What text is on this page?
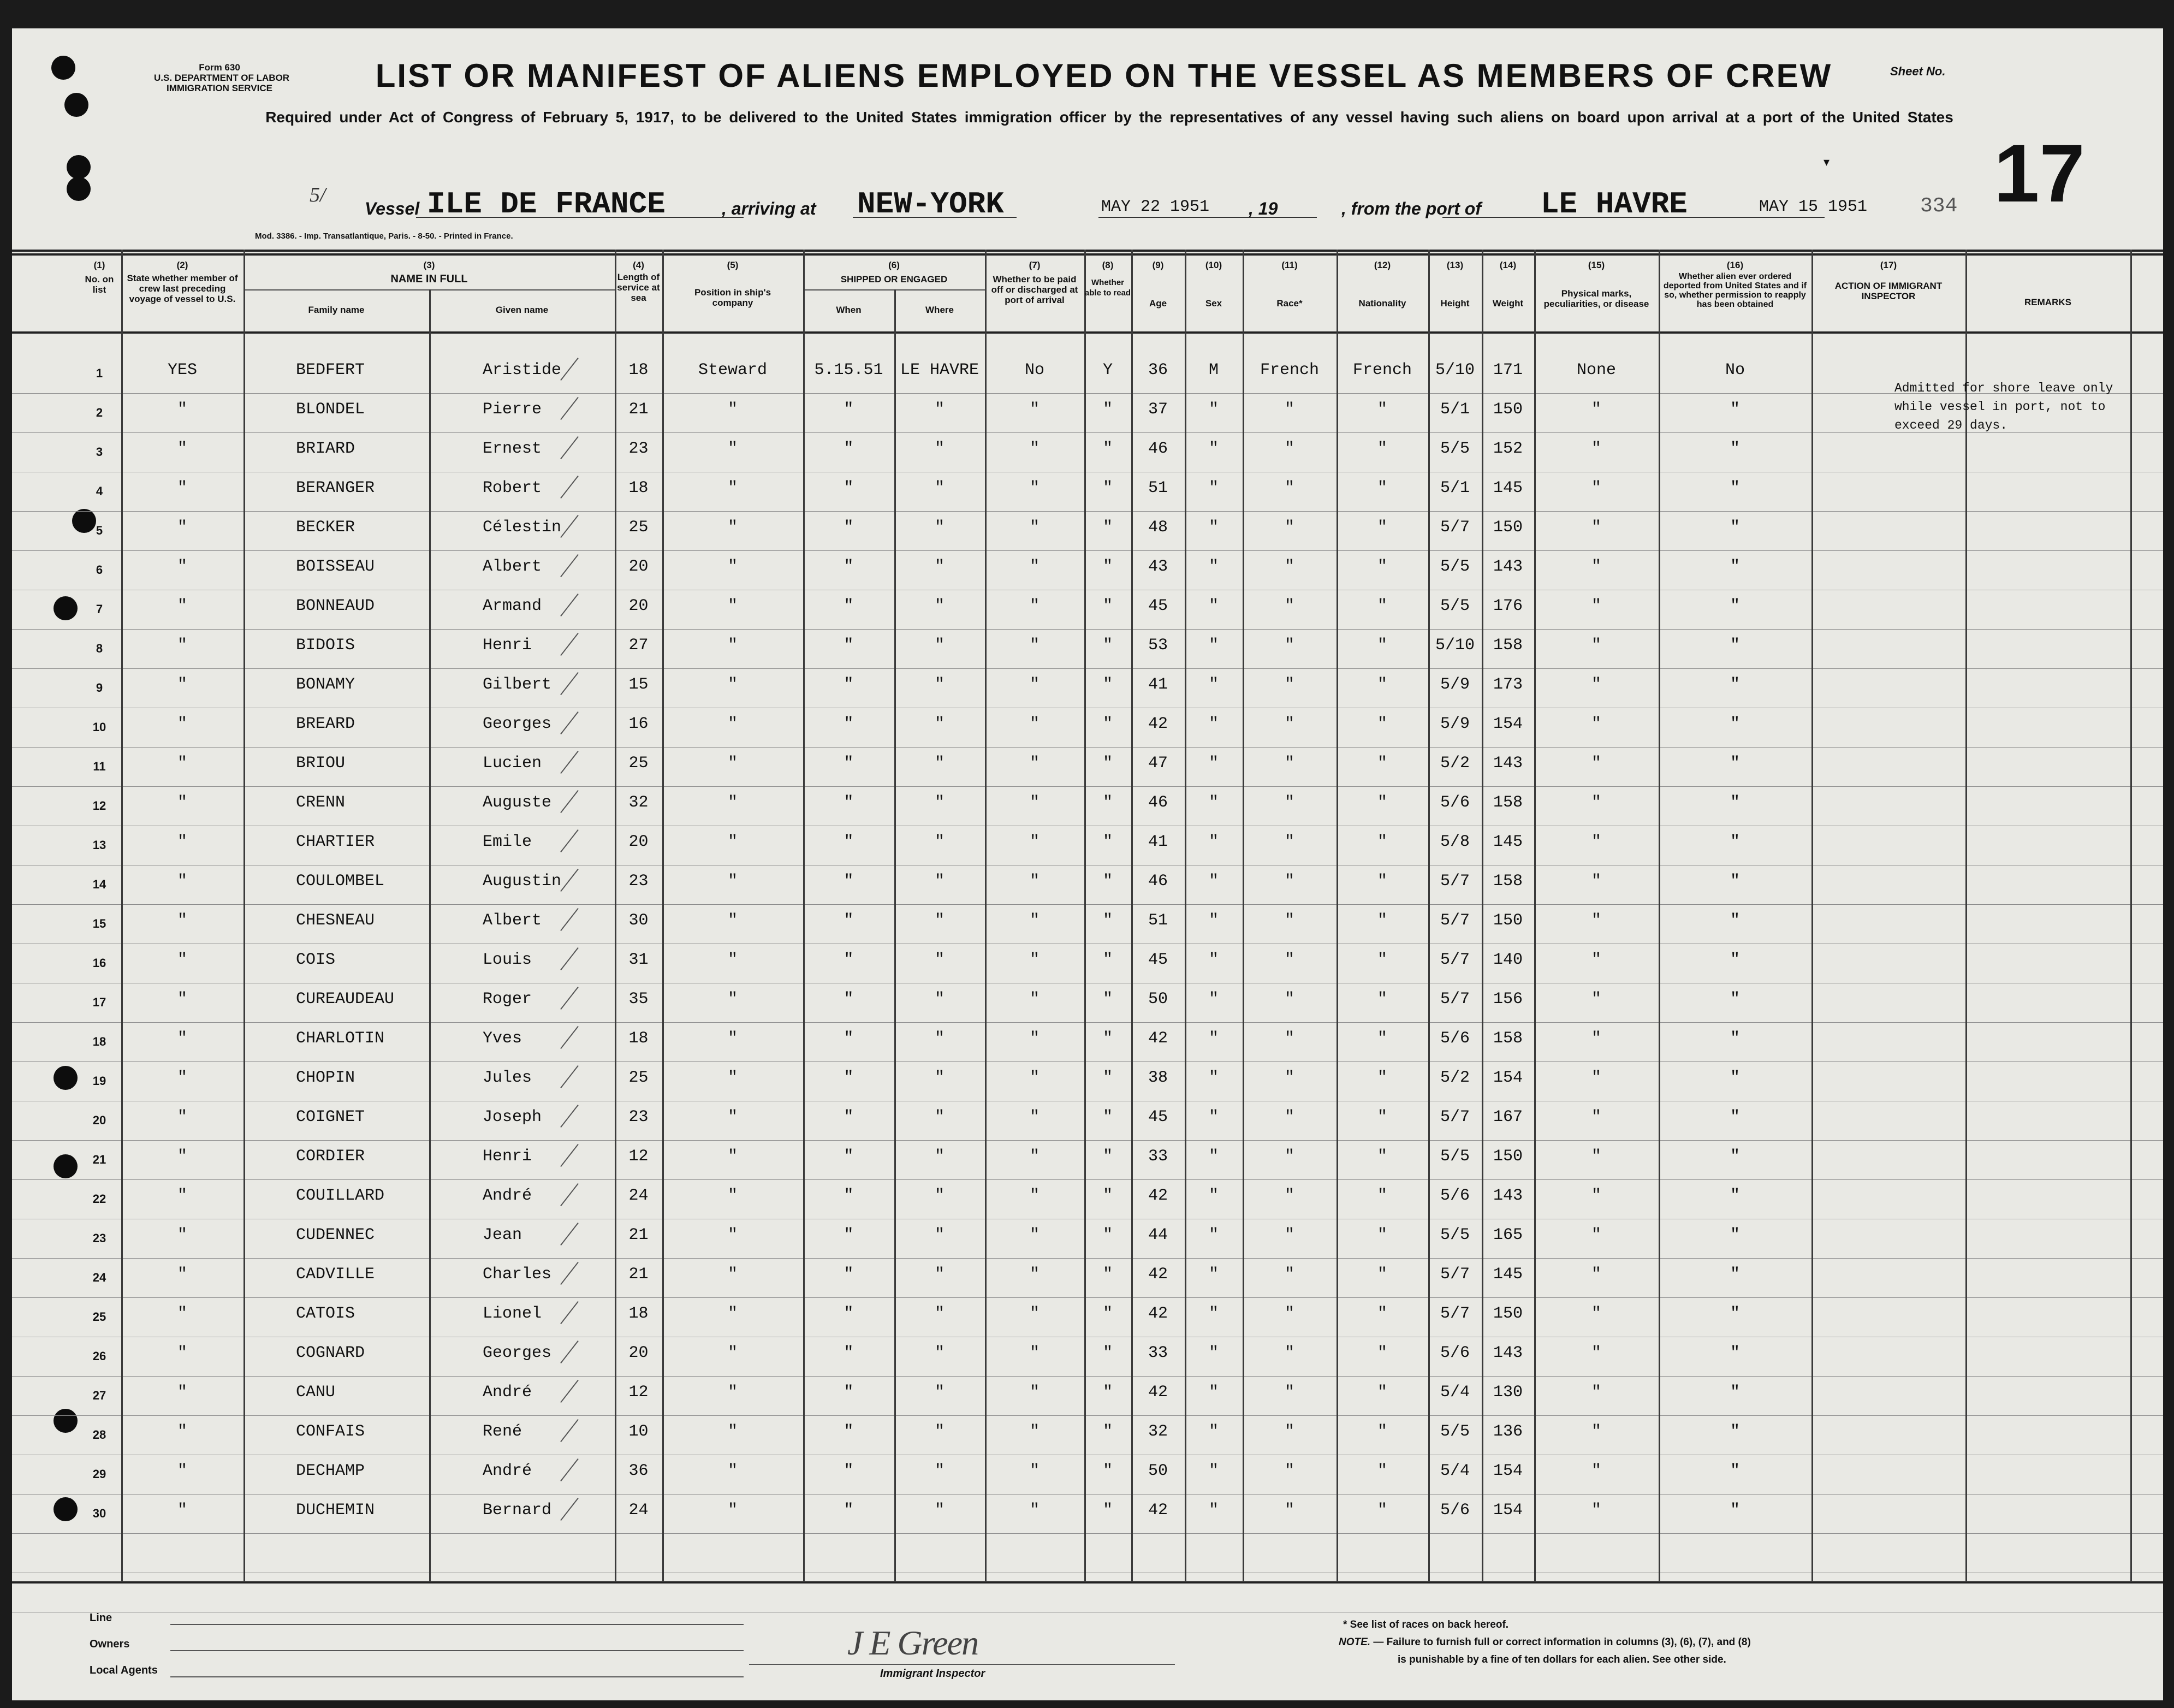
Form 630
U.S. DEPARTMENT OF LABOR
IMMIGRATION SERVICE	LIST OR MANIFEST OF ALIENS EMPLOYED ON THE VESSEL AS MEMBERS OF CREW	Sheet No.
Required under Act of Congress of February 5, 1917, to be delivered to the United States immigration officer by the representatives of any vessel having such aliens on board upon arrival at a port of the United States
▾ 17
5/
Vessel ILE DE FRANCE	, arriving at NEW-YORK	MAY 22 1951 , 19	, from the port of LE HAVRE	MAY 15 1951	334
Mod. 3386. - Imp. Transatlantique, Paris. - 8-50. - Printed in France.
(1)
No. on list
(2)
State whether member of crew last preceding voyage of vessel to U.S.
(3)
NAME IN FULL
Family name	Given name
(4)
Length of service at sea
(5)
Position in ship's company
(6)
SHIPPED OR ENGAGED
When	Where
(7)
Whether to be paid off or discharged at port of arrival
(8)
Whether able to read
(9)
Age
(10)
Sex
(11)
Race*
(12)
Nationality
(13)
Height
(14)
Weight
(15)
Physical marks, peculiarities, or disease
(16)
Whether alien ever ordered deported from United States and if so, whether permission to reapply has been obtained
(17)
ACTION OF IMMIGRANT INSPECTOR
REMARKS
1	YES	BEDFERT	Aristide	18	Steward	5.15.51	LE HAVRE	No	Y	36	M	French	French	5/10	171	None	No
2	"	BLONDEL	Pierre	21	"	"	"	"	"	37	"	"	"	5/1	150	"	"
3	"	BRIARD	Ernest	23	"	"	"	"	"	46	"	"	"	5/5	152	"	"
4	"	BERANGER	Robert	18	"	"	"	"	"	51	"	"	"	5/1	145	"	"
5	"	BECKER	Célestin	25	"	"	"	"	"	48	"	"	"	5/7	150	"	"
6	"	BOISSEAU	Albert	20	"	"	"	"	"	43	"	"	"	5/5	143	"	"
7	"	BONNEAUD	Armand	20	"	"	"	"	"	45	"	"	"	5/5	176	"	"
8	"	BIDOIS	Henri	27	"	"	"	"	"	53	"	"	"	5/10	158	"	"
9	"	BONAMY	Gilbert	15	"	"	"	"	"	41	"	"	"	5/9	173	"	"
10	"	BREARD	Georges	16	"	"	"	"	"	42	"	"	"	5/9	154	"	"
11	"	BRIOU	Lucien	25	"	"	"	"	"	47	"	"	"	5/2	143	"	"
12	"	CRENN	Auguste	32	"	"	"	"	"	46	"	"	"	5/6	158	"	"
13	"	CHARTIER	Emile	20	"	"	"	"	"	41	"	"	"	5/8	145	"	"
14	"	COULOMBEL	Augustin	23	"	"	"	"	"	46	"	"	"	5/7	158	"	"
15	"	CHESNEAU	Albert	30	"	"	"	"	"	51	"	"	"	5/7	150	"	"
16	"	COIS	Louis	31	"	"	"	"	"	45	"	"	"	5/7	140	"	"
17	"	CUREAUDEAU	Roger	35	"	"	"	"	"	50	"	"	"	5/7	156	"	"
18	"	CHARLOTIN	Yves	18	"	"	"	"	"	42	"	"	"	5/6	158	"	"
19	"	CHOPIN	Jules	25	"	"	"	"	"	38	"	"	"	5/2	154	"	"
20	"	COIGNET	Joseph	23	"	"	"	"	"	45	"	"	"	5/7	167	"	"
21	"	CORDIER	Henri	12	"	"	"	"	"	33	"	"	"	5/5	150	"	"
22	"	COUILLARD	André	24	"	"	"	"	"	42	"	"	"	5/6	143	"	"
23	"	CUDENNEC	Jean	21	"	"	"	"	"	44	"	"	"	5/5	165	"	"
24	"	CADVILLE	Charles	21	"	"	"	"	"	42	"	"	"	5/7	145	"	"
25	"	CATOIS	Lionel	18	"	"	"	"	"	42	"	"	"	5/7	150	"	"
26	"	COGNARD	Georges	20	"	"	"	"	"	33	"	"	"	5/6	143	"	"
27	"	CANU	André	12	"	"	"	"	"	42	"	"	"	5/4	130	"	"
28	"	CONFAIS	René	10	"	"	"	"	"	32	"	"	"	5/5	136	"	"
29	"	DECHAMP	André	36	"	"	"	"	"	50	"	"	"	5/4	154	"	"
30	"	DUCHEMIN	Bernard	24	"	"	"	"	"	42	"	"	"	5/6	154	"	"
Admitted for shore leave only while vessel in port, not to exceed 29 days.
Line
Owners
Local Agents
J E Green
Immigrant Inspector
* See list of races on back hereof.
NOTE. — Failure to furnish full or correct information in columns (3), (6), (7), and (8)
is punishable by a fine of ten dollars for each alien. See other side.
